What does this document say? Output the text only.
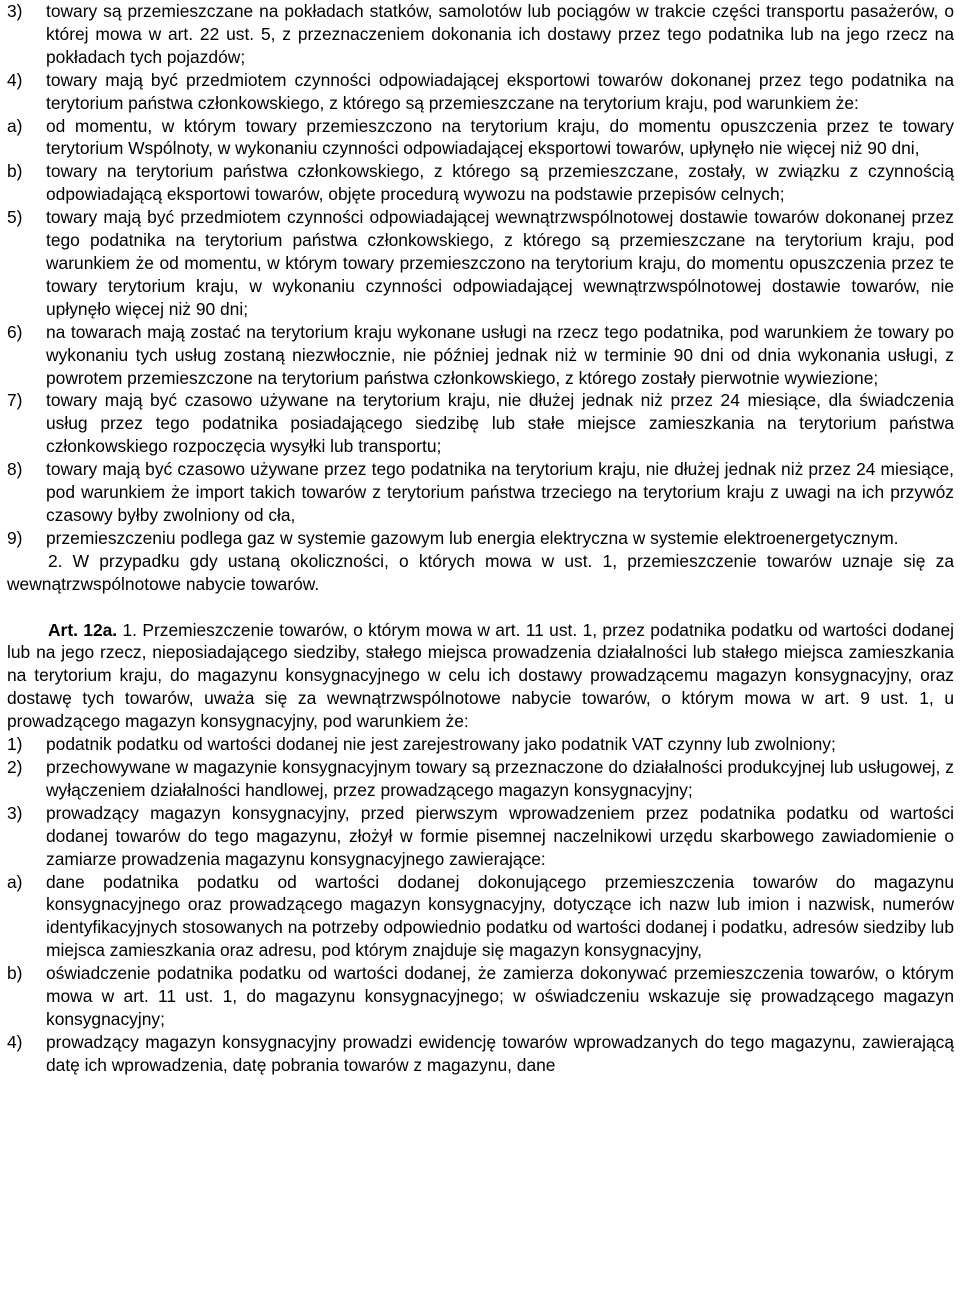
3) towary są przemieszczane na pokładach statków, samolotów lub pociągów w trakcie części transportu pasażerów, o której mowa w art. 22 ust. 5, z przeznaczeniem dokonania ich dostawy przez tego podatnika lub na jego rzecz na pokładach tych pojazdów;
4) towary mają być przedmiotem czynności odpowiadającej eksportowi towarów dokonanej przez tego podatnika na terytorium państwa członkowskiego, z którego są przemieszczane na terytorium kraju, pod warunkiem że:
a) od momentu, w którym towary przemieszczono na terytorium kraju, do momentu opuszczenia przez te towary terytorium Wspólnoty, w wykonaniu czynności odpowiadającej eksportowi towarów, upłynęło nie więcej niż 90 dni,
b) towary na terytorium państwa członkowskiego, z którego są przemieszczane, zostały, w związku z czynnością odpowiadającą eksportowi towarów, objęte procedurą wywozu na podstawie przepisów celnych;
5) towary mają być przedmiotem czynności odpowiadającej wewnątrzwspólnotowej dostawie towarów dokonanej przez tego podatnika na terytorium państwa członkowskiego, z którego są przemieszczane na terytorium kraju, pod warunkiem że od momentu, w którym towary przemieszczono na terytorium kraju, do momentu opuszczenia przez te towary terytorium kraju, w wykonaniu czynności odpowiadającej wewnątrzwspólnotowej dostawie towarów, nie upłynęło więcej niż 90 dni;
6) na towarach mają zostać na terytorium kraju wykonane usługi na rzecz tego podatnika, pod warunkiem że towary po wykonaniu tych usług zostaną niezwłocznie, nie później jednak niż w terminie 90 dni od dnia wykonania usługi, z powrotem przemieszczone na terytorium państwa członkowskiego, z którego zostały pierwotnie wywiezione;
7) towary mają być czasowo używane na terytorium kraju, nie dłużej jednak niż przez 24 miesiące, dla świadczenia usług przez tego podatnika posiadającego siedzibę lub stałe miejsce zamieszkania na terytorium państwa członkowskiego rozpoczęcia wysyłki lub transportu;
8) towary mają być czasowo używane przez tego podatnika na terytorium kraju, nie dłużej jednak niż przez 24 miesiące, pod warunkiem że import takich towarów z terytorium państwa trzeciego na terytorium kraju z uwagi na ich przywóz czasowy byłby zwolniony od cła,
9) przemieszczeniu podlega gaz w systemie gazowym lub energia elektryczna w systemie elektroenergetycznym.
2. W przypadku gdy ustaną okoliczności, o których mowa w ust. 1, przemieszczenie towarów uznaje się za wewnątrzwspólnotowe nabycie towarów.
Art. 12a. 1. Przemieszczenie towarów, o którym mowa w art. 11 ust. 1, przez podatnika podatku od wartości dodanej lub na jego rzecz, nieposiadającego siedziby, stałego miejsca prowadzenia działalności lub stałego miejsca zamieszkania na terytorium kraju, do magazynu konsygnacyjnego w celu ich dostawy prowadzącemu magazyn konsygnacyjny, oraz dostawę tych towarów, uważa się za wewnątrzwspólnotowe nabycie towarów, o którym mowa w art. 9 ust. 1, u prowadzącego magazyn konsygnacyjny, pod warunkiem że:
1) podatnik podatku od wartości dodanej nie jest zarejestrowany jako podatnik VAT czynny lub zwolniony;
2) przechowywane w magazynie konsygnacyjnym towary są przeznaczone do działalności produkcyjnej lub usługowej, z wyłączeniem działalności handlowej, przez prowadzącego magazyn konsygnacyjny;
3) prowadzący magazyn konsygnacyjny, przed pierwszym wprowadzeniem przez podatnika podatku od wartości dodanej towarów do tego magazynu, złożył w formie pisemnej naczelnikowi urzędu skarbowego zawiadomienie o zamiarze prowadzenia magazynu konsygnacyjnego zawierające:
a) dane podatnika podatku od wartości dodanej dokonującego przemieszczenia towarów do magazynu konsygnacyjnego oraz prowadzącego magazyn konsygnacyjny, dotyczące ich nazw lub imion i nazwisk, numerów identyfikacyjnych stosowanych na potrzeby odpowiednio podatku od wartości dodanej i podatku, adresów siedziby lub miejsca zamieszkania oraz adresu, pod którym znajduje się magazyn konsygnacyjny,
b) oświadczenie podatnika podatku od wartości dodanej, że zamierza dokonywać przemieszczenia towarów, o którym mowa w art. 11 ust. 1, do magazynu konsygnacyjnego; w oświadczeniu wskazuje się prowadzącego magazyn konsygnacyjny;
4) prowadzący magazyn konsygnacyjny prowadzi ewidencję towarów wprowadzanych do tego magazynu, zawierającą datę ich wprowadzenia, datę pobrania towarów z magazynu, dane
